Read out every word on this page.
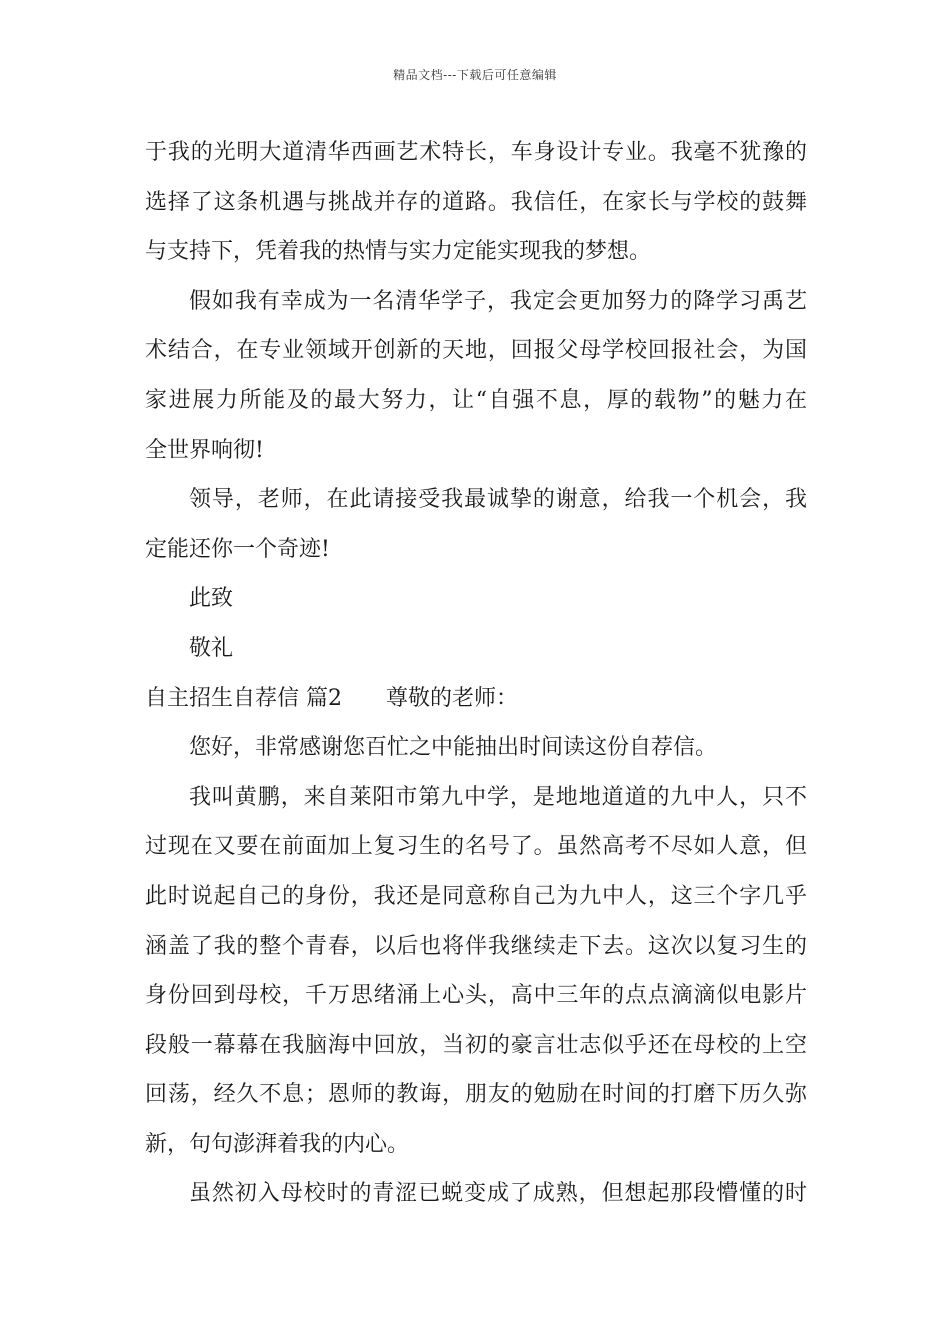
精品文档---下载后可任意编辑
于我的光明大道清华西画艺术特长，车身设计专业。我毫不犹豫的
选择了这条机遇与挑战并存的道路。我信任，在家长与学校的鼓舞
与支持下，凭着我的热情与实力定能实现我的梦想。
假如我有幸成为一名清华学子，我定会更加努力的降学习禹艺
术结合，在专业领域开创新的天地，回报父母学校回报社会，为国
家进展力所能及的最大努力，让“自强不息，厚的载物”的魅力在
全世界响彻!
领导，老师，在此请接受我最诚挚的谢意，给我一个机会，我
定能还你一个奇迹!
此致
敬礼
自主招生自荐信 篇2　　尊敬的老师：
您好，非常感谢您百忙之中能抽出时间读这份自荐信。
我叫黄鹏，来自莱阳市第九中学，是地地道道的九中人，只不
过现在又要在前面加上复习生的名号了。虽然高考不尽如人意，但
此时说起自己的身份，我还是同意称自己为九中人，这三个字几乎
涵盖了我的整个青春，以后也将伴我继续走下去。这次以复习生的
身份回到母校，千万思绪涌上心头，高中三年的点点滴滴似电影片
段般一幕幕在我脑海中回放，当初的豪言壮志似乎还在母校的上空
回荡，经久不息；恩师的教诲，朋友的勉励在时间的打磨下历久弥
新，句句澎湃着我的内心。
虽然初入母校时的青涩已蜕变成了成熟，但想起那段懵懂的时
